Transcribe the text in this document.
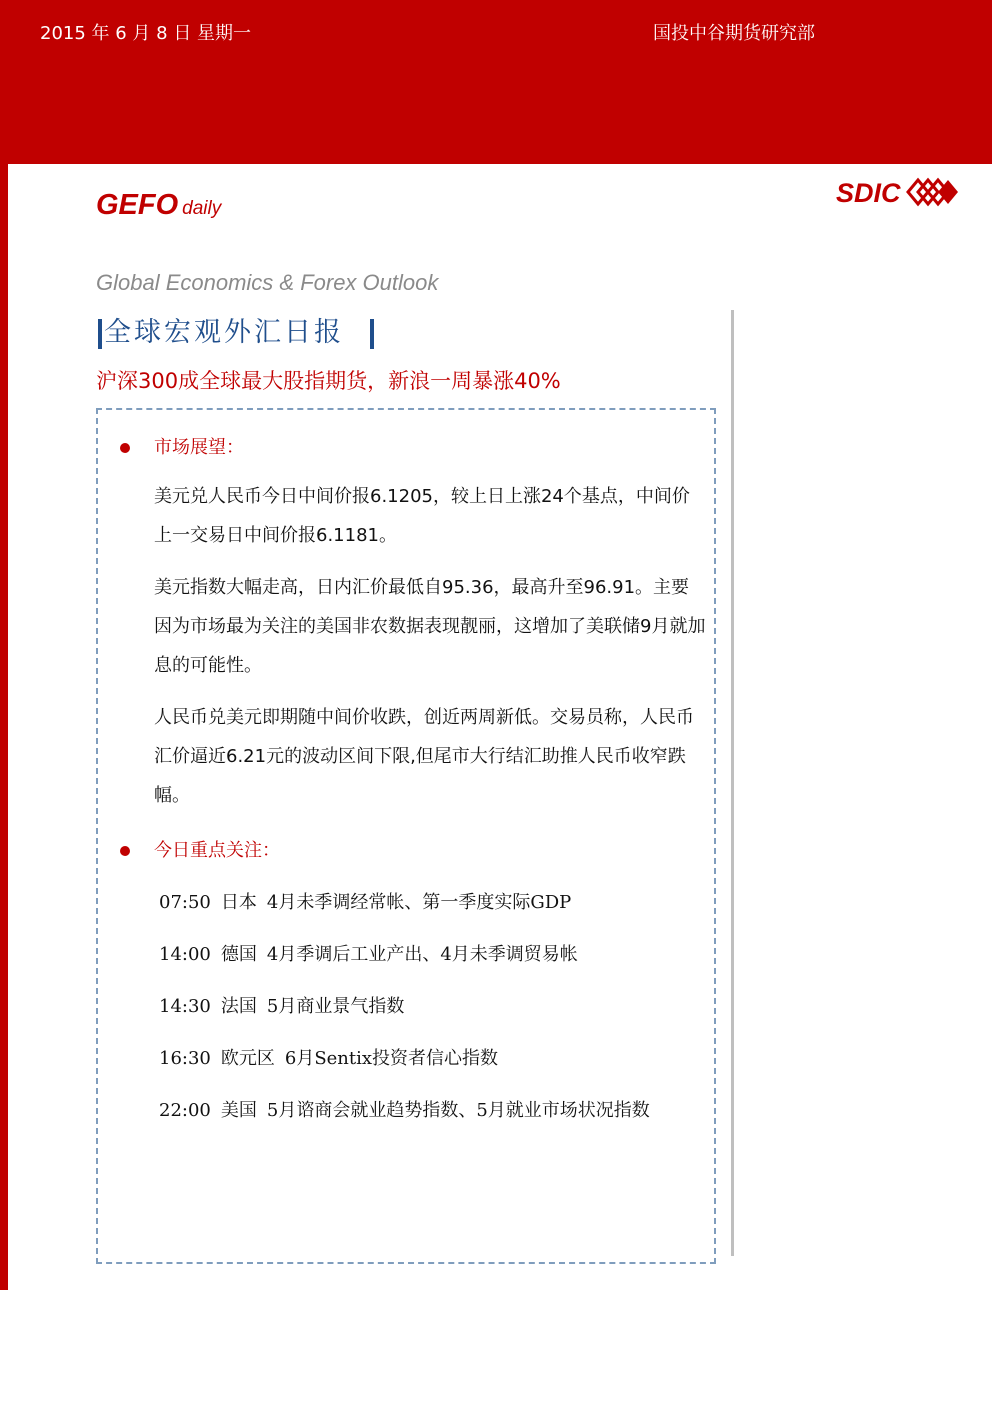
2015 年 6 月 8 日 星期一	国投中谷期货研究部
GEFO daily
SDIC
Global Economics & Forex Outlook
全球宏观外汇日报
沪深300成全球最大股指期货，新浪一周暴涨40%
市场展望：
美元兑人民币今日中间价报6.1205，较上日上涨24个基点，中间价上一交易日中间价报6.1181。
美元指数大幅走高，日内汇价最低自95.36，最高升至96.91。主要因为市场最为关注的美国非农数据表现靓丽，这增加了美联储9月就加息的可能性。
人民币兑美元即期随中间价收跌，创近两周新低。交易员称，人民币汇价逼近6.21元的波动区间下限,但尾市大行结汇助推人民币收窄跌幅。
今日重点关注：
07:50 日本 4月未季调经常帐、第一季度实际GDP
14:00 德国 4月季调后工业产出、4月未季调贸易帐
14:30 法国 5月商业景气指数
16:30 欧元区 6月Sentix投资者信心指数
22:00 美国 5月谘商会就业趋势指数、5月就业市场状况指数
